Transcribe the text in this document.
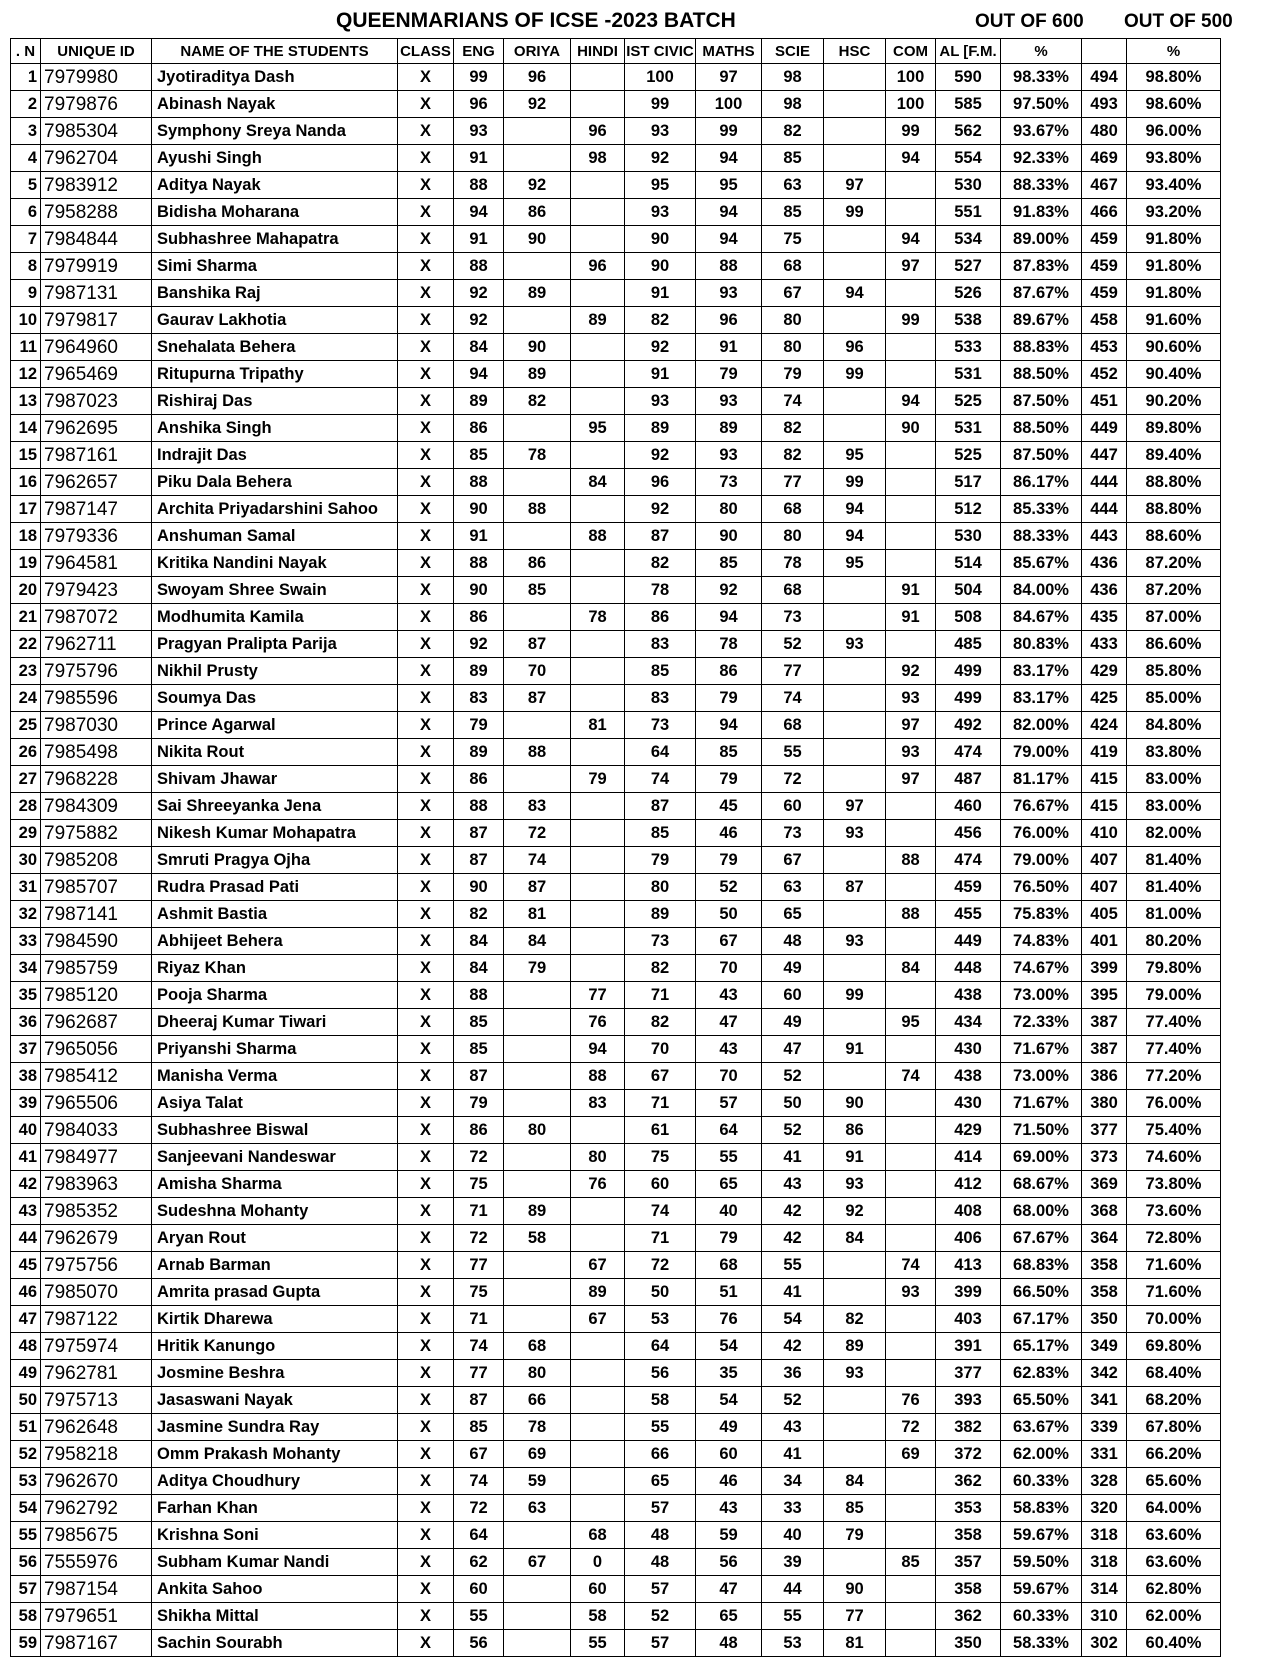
QUEENMARIANS OF ICSE -2023 BATCH	OUT OF 600 OUT OF 500
. N	UNIQUE ID	NAME OF THE STUDENTS	CLASS	ENG	ORIYA	HINDI	IST CIVIC	MATHS	SCIE	HSC	COM	AL [F.M.	%		%
1	7979980	Jyotiraditya Dash	X	99	96		100	97	98		100	590	98.33%	494	98.80%
2	7979876	Abinash Nayak	X	96	92		99	100	98		100	585	97.50%	493	98.60%
3	7985304	Symphony Sreya Nanda	X	93		96	93	99	82		99	562	93.67%	480	96.00%
4	7962704	Ayushi Singh	X	91		98	92	94	85		94	554	92.33%	469	93.80%
5	7983912	Aditya Nayak	X	88	92		95	95	63	97		530	88.33%	467	93.40%
6	7958288	Bidisha Moharana	X	94	86		93	94	85	99		551	91.83%	466	93.20%
7	7984844	Subhashree Mahapatra	X	91	90		90	94	75		94	534	89.00%	459	91.80%
8	7979919	Simi Sharma	X	88		96	90	88	68		97	527	87.83%	459	91.80%
9	7987131	Banshika Raj	X	92	89		91	93	67	94		526	87.67%	459	91.80%
10	7979817	Gaurav Lakhotia	X	92		89	82	96	80		99	538	89.67%	458	91.60%
11	7964960	Snehalata Behera	X	84	90		92	91	80	96		533	88.83%	453	90.60%
12	7965469	Ritupurna Tripathy	X	94	89		91	79	79	99		531	88.50%	452	90.40%
13	7987023	Rishiraj Das	X	89	82		93	93	74		94	525	87.50%	451	90.20%
14	7962695	Anshika Singh	X	86		95	89	89	82		90	531	88.50%	449	89.80%
15	7987161	Indrajit Das	X	85	78		92	93	82	95		525	87.50%	447	89.40%
16	7962657	Piku Dala Behera	X	88		84	96	73	77	99		517	86.17%	444	88.80%
17	7987147	Archita Priyadarshini Sahoo	X	90	88		92	80	68	94		512	85.33%	444	88.80%
18	7979336	Anshuman Samal	X	91		88	87	90	80	94		530	88.33%	443	88.60%
19	7964581	Kritika Nandini Nayak	X	88	86		82	85	78	95		514	85.67%	436	87.20%
20	7979423	Swoyam Shree Swain	X	90	85		78	92	68		91	504	84.00%	436	87.20%
21	7987072	Modhumita Kamila	X	86		78	86	94	73		91	508	84.67%	435	87.00%
22	7962711	Pragyan Pralipta Parija	X	92	87		83	78	52	93		485	80.83%	433	86.60%
23	7975796	Nikhil Prusty	X	89	70		85	86	77		92	499	83.17%	429	85.80%
24	7985596	Soumya Das	X	83	87		83	79	74		93	499	83.17%	425	85.00%
25	7987030	Prince Agarwal	X	79		81	73	94	68		97	492	82.00%	424	84.80%
26	7985498	Nikita Rout	X	89	88		64	85	55		93	474	79.00%	419	83.80%
27	7968228	Shivam Jhawar	X	86		79	74	79	72		97	487	81.17%	415	83.00%
28	7984309	Sai Shreeyanka Jena	X	88	83		87	45	60	97		460	76.67%	415	83.00%
29	7975882	Nikesh Kumar Mohapatra	X	87	72		85	46	73	93		456	76.00%	410	82.00%
30	7985208	Smruti Pragya Ojha	X	87	74		79	79	67		88	474	79.00%	407	81.40%
31	7985707	Rudra Prasad Pati	X	90	87		80	52	63	87		459	76.50%	407	81.40%
32	7987141	Ashmit Bastia	X	82	81		89	50	65		88	455	75.83%	405	81.00%
33	7984590	Abhijeet Behera	X	84	84		73	67	48	93		449	74.83%	401	80.20%
34	7985759	Riyaz Khan	X	84	79		82	70	49		84	448	74.67%	399	79.80%
35	7985120	Pooja Sharma	X	88		77	71	43	60	99		438	73.00%	395	79.00%
36	7962687	Dheeraj Kumar Tiwari	X	85		76	82	47	49		95	434	72.33%	387	77.40%
37	7965056	Priyanshi Sharma	X	85		94	70	43	47	91		430	71.67%	387	77.40%
38	7985412	Manisha Verma	X	87		88	67	70	52		74	438	73.00%	386	77.20%
39	7965506	Asiya Talat	X	79		83	71	57	50	90		430	71.67%	380	76.00%
40	7984033	Subhashree Biswal	X	86	80		61	64	52	86		429	71.50%	377	75.40%
41	7984977	Sanjeevani Nandeswar	X	72		80	75	55	41	91		414	69.00%	373	74.60%
42	7983963	Amisha Sharma	X	75		76	60	65	43	93		412	68.67%	369	73.80%
43	7985352	Sudeshna Mohanty	X	71	89		74	40	42	92		408	68.00%	368	73.60%
44	7962679	Aryan Rout	X	72	58		71	79	42	84		406	67.67%	364	72.80%
45	7975756	Arnab Barman	X	77		67	72	68	55		74	413	68.83%	358	71.60%
46	7985070	Amrita prasad Gupta	X	75		89	50	51	41		93	399	66.50%	358	71.60%
47	7987122	Kirtik Dharewa	X	71		67	53	76	54	82		403	67.17%	350	70.00%
48	7975974	Hritik Kanungo	X	74	68		64	54	42	89		391	65.17%	349	69.80%
49	7962781	Josmine Beshra	X	77	80		56	35	36	93		377	62.83%	342	68.40%
50	7975713	Jasaswani Nayak	X	87	66		58	54	52		76	393	65.50%	341	68.20%
51	7962648	Jasmine Sundra Ray	X	85	78		55	49	43		72	382	63.67%	339	67.80%
52	7958218	Omm Prakash Mohanty	X	67	69		66	60	41		69	372	62.00%	331	66.20%
53	7962670	Aditya Choudhury	X	74	59		65	46	34	84		362	60.33%	328	65.60%
54	7962792	Farhan Khan	X	72	63		57	43	33	85		353	58.83%	320	64.00%
55	7985675	Krishna Soni	X	64		68	48	59	40	79		358	59.67%	318	63.60%
56	7555976	Subham Kumar Nandi	X	62	67	0	48	56	39		85	357	59.50%	318	63.60%
57	7987154	Ankita Sahoo	X	60		60	57	47	44	90		358	59.67%	314	62.80%
58	7979651	Shikha Mittal	X	55		58	52	65	55	77		362	60.33%	310	62.00%
59	7987167	Sachin Sourabh	X	56		55	57	48	53	81		350	58.33%	302	60.40%
